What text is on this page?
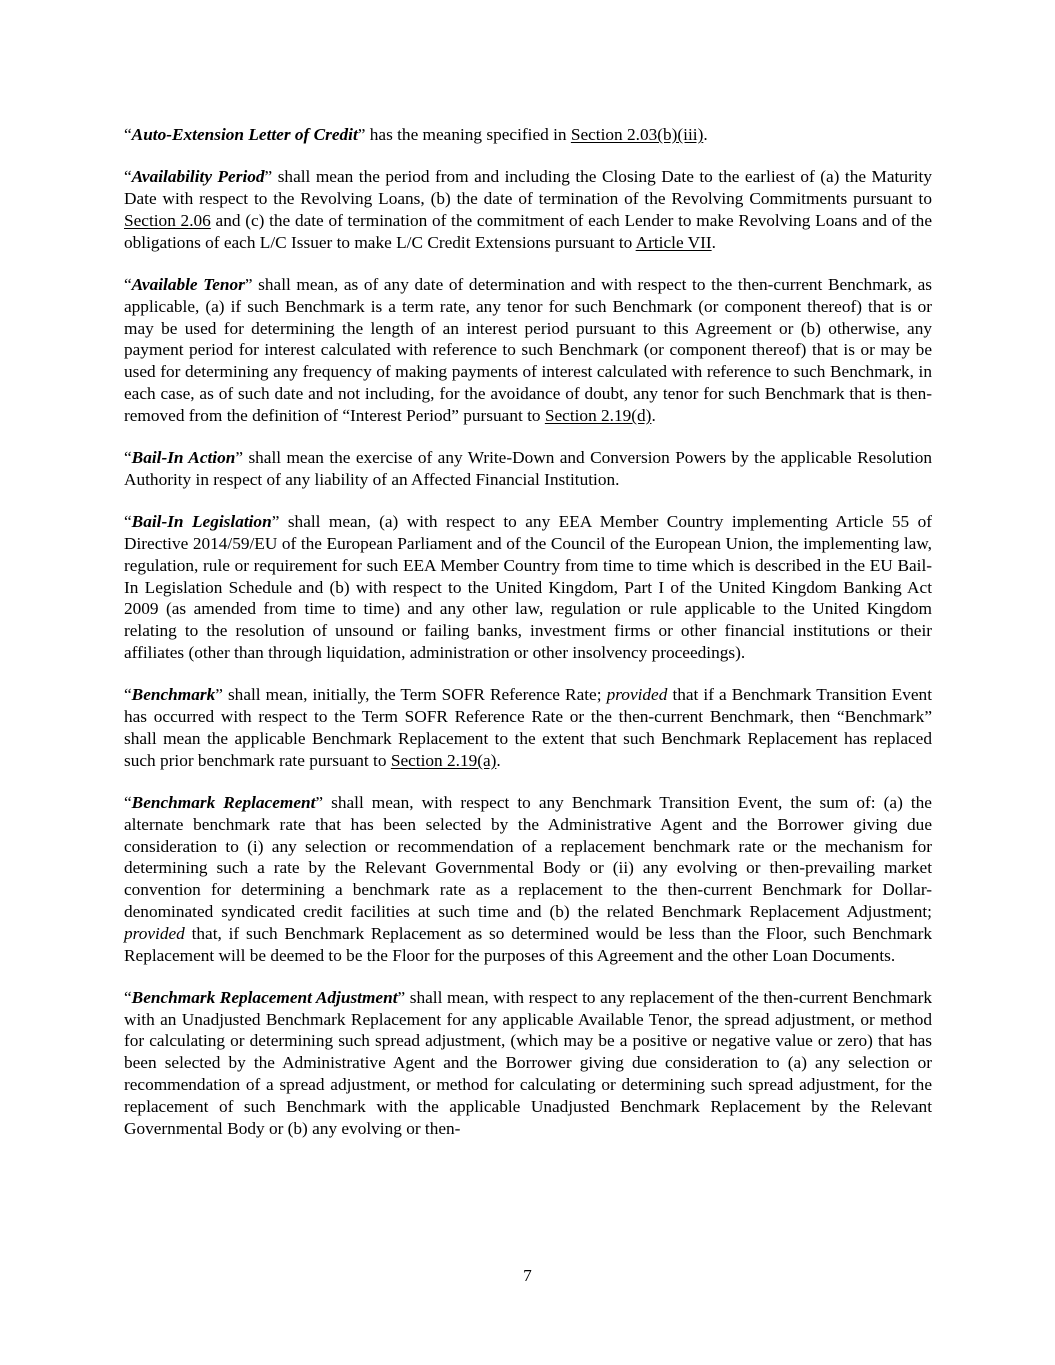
“Auto-Extension Letter of Credit” has the meaning specified in Section 2.03(b)(iii).

“Availability Period” shall mean the period from and including the Closing Date to the earliest of (a) the Maturity Date with respect to the Revolving Loans, (b) the date of termination of the Revolving Commitments pursuant to Section 2.06 and (c) the date of termination of the commitment of each Lender to make Revolving Loans and of the obligations of each L/C Issuer to make L/C Credit Extensions pursuant to Article VII.

“Available Tenor” shall mean, as of any date of determination and with respect to the then-current Benchmark, as applicable, (a) if such Benchmark is a term rate, any tenor for such Benchmark (or component thereof) that is or may be used for determining the length of an interest period pursuant to this Agreement or (b) otherwise, any payment period for interest calculated with reference to such Benchmark (or component thereof) that is or may be used for determining any frequency of making payments of interest calculated with reference to such Benchmark, in each case, as of such date and not including, for the avoidance of doubt, any tenor for such Benchmark that is then-removed from the definition of “Interest Period” pursuant to Section 2.19(d).

“Bail-In Action” shall mean the exercise of any Write-Down and Conversion Powers by the applicable Resolution Authority in respect of any liability of an Affected Financial Institution.

“Bail-In Legislation” shall mean, (a) with respect to any EEA Member Country implementing Article 55 of Directive 2014/59/EU of the European Parliament and of the Council of the European Union, the implementing law, regulation, rule or requirement for such EEA Member Country from time to time which is described in the EU Bail-In Legislation Schedule and (b) with respect to the United Kingdom, Part I of the United Kingdom Banking Act 2009 (as amended from time to time) and any other law, regulation or rule applicable to the United Kingdom relating to the resolution of unsound or failing banks, investment firms or other financial institutions or their affiliates (other than through liquidation, administration or other insolvency proceedings).

“Benchmark” shall mean, initially, the Term SOFR Reference Rate; provided that if a Benchmark Transition Event has occurred with respect to the Term SOFR Reference Rate or the then-current Benchmark, then “Benchmark” shall mean the applicable Benchmark Replacement to the extent that such Benchmark Replacement has replaced such prior benchmark rate pursuant to Section 2.19(a).

“Benchmark Replacement” shall mean, with respect to any Benchmark Transition Event, the sum of: (a) the alternate benchmark rate that has been selected by the Administrative Agent and the Borrower giving due consideration to (i) any selection or recommendation of a replacement benchmark rate or the mechanism for determining such a rate by the Relevant Governmental Body or (ii) any evolving or then-prevailing market convention for determining a benchmark rate as a replacement to the then-current Benchmark for Dollar-denominated syndicated credit facilities at such time and (b) the related Benchmark Replacement Adjustment; provided that, if such Benchmark Replacement as so determined would be less than the Floor, such Benchmark Replacement will be deemed to be the Floor for the purposes of this Agreement and the other Loan Documents.

“Benchmark Replacement Adjustment” shall mean, with respect to any replacement of the then-current Benchmark with an Unadjusted Benchmark Replacement for any applicable Available Tenor, the spread adjustment, or method for calculating or determining such spread adjustment, (which may be a positive or negative value or zero) that has been selected by the Administrative Agent and the Borrower giving due consideration to (a) any selection or recommendation of a spread adjustment, or method for calculating or determining such spread adjustment, for the replacement of such Benchmark with the applicable Unadjusted Benchmark Replacement by the Relevant Governmental Body or (b) any evolving or then-

7
